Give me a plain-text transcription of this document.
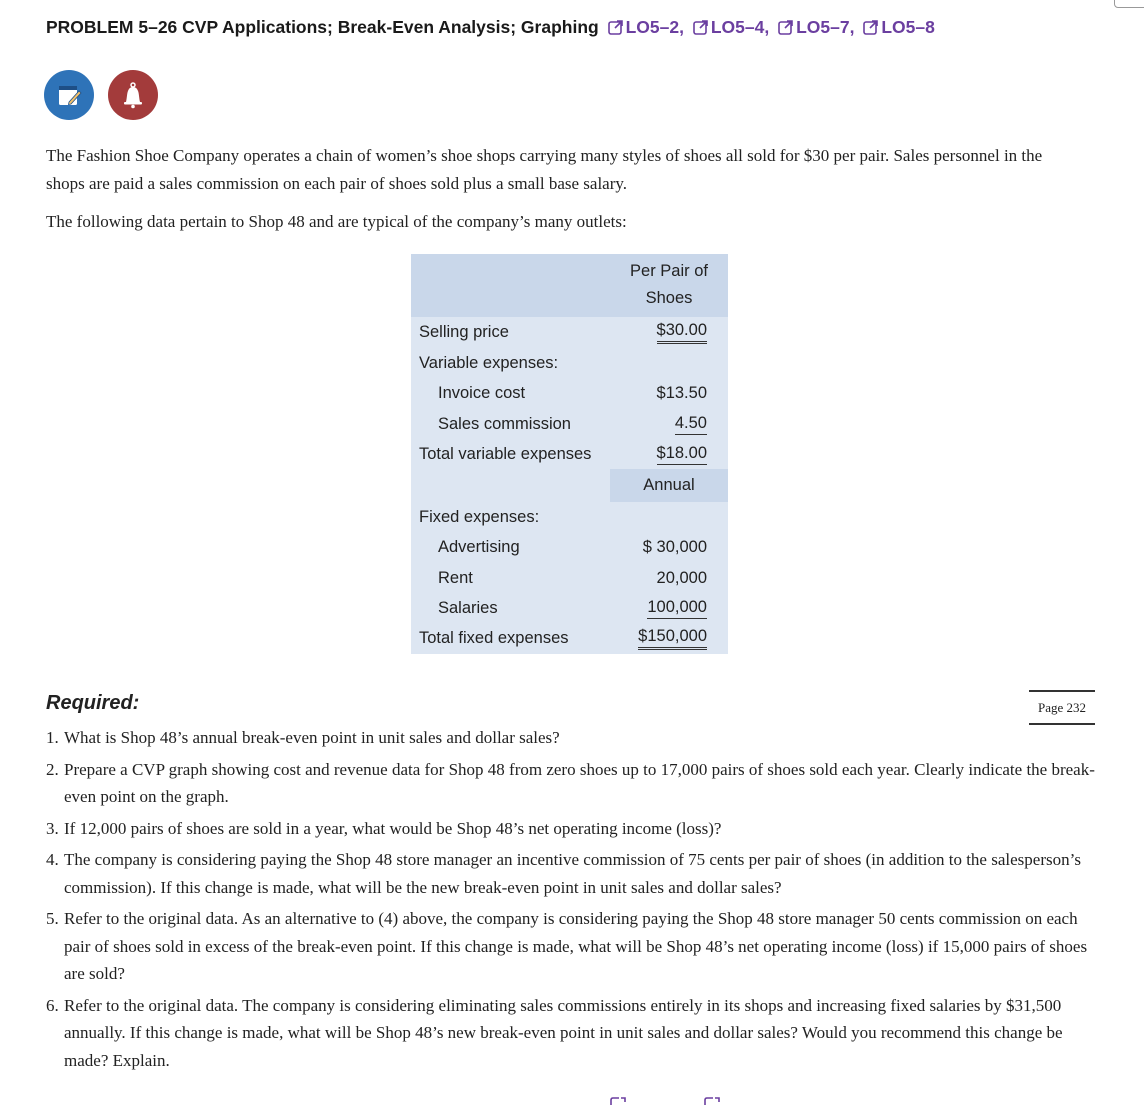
PROBLEM 5–26 CVP Applications; Break-Even Analysis; Graphing LO5–2, LO5–4, LO5–7, LO5–8

The Fashion Shoe Company operates a chain of women’s shoe shops carrying many styles of shoes all sold for $30 per pair. Sales personnel in the shops are paid a sales commission on each pair of shoes sold plus a small base salary.

The following data pertain to Shop 48 and are typical of the company’s many outlets:

Per Pair of
Shoes
Selling price	$30.00
Variable expenses:
Invoice cost	$13.50
Sales commission	4.50
Total variable expenses	$18.00
Annual
Fixed expenses:
Advertising	$ 30,000
Rent	20,000
Salaries	100,000
Total fixed expenses	$150,000
Required:	Page 232
1. What is Shop 48’s annual break-even point in unit sales and dollar sales?
2. Prepare a CVP graph showing cost and revenue data for Shop 48 from zero shoes up to 17,000 pairs of shoes sold each year. Clearly indicate the break-even point on the graph.
3. If 12,000 pairs of shoes are sold in a year, what would be Shop 48’s net operating income (loss)?
4. The company is considering paying the Shop 48 store manager an incentive commission of 75 cents per pair of shoes (in addition to the salesperson’s commission). If this change is made, what will be the new break-even point in unit sales and dollar sales?
5. Refer to the original data. As an alternative to (4) above, the company is considering paying the Shop 48 store manager 50 cents commission on each pair of shoes sold in excess of the break-even point. If this change is made, what will be Shop 48’s net operating income (loss) if 15,000 pairs of shoes are sold?
6. Refer to the original data. The company is considering eliminating sales commissions entirely in its shops and increasing fixed salaries by $31,500 annually. If this change is made, what will be Shop 48’s new break-even point in unit sales and dollar sales? Would you recommend this change be made? Explain.
